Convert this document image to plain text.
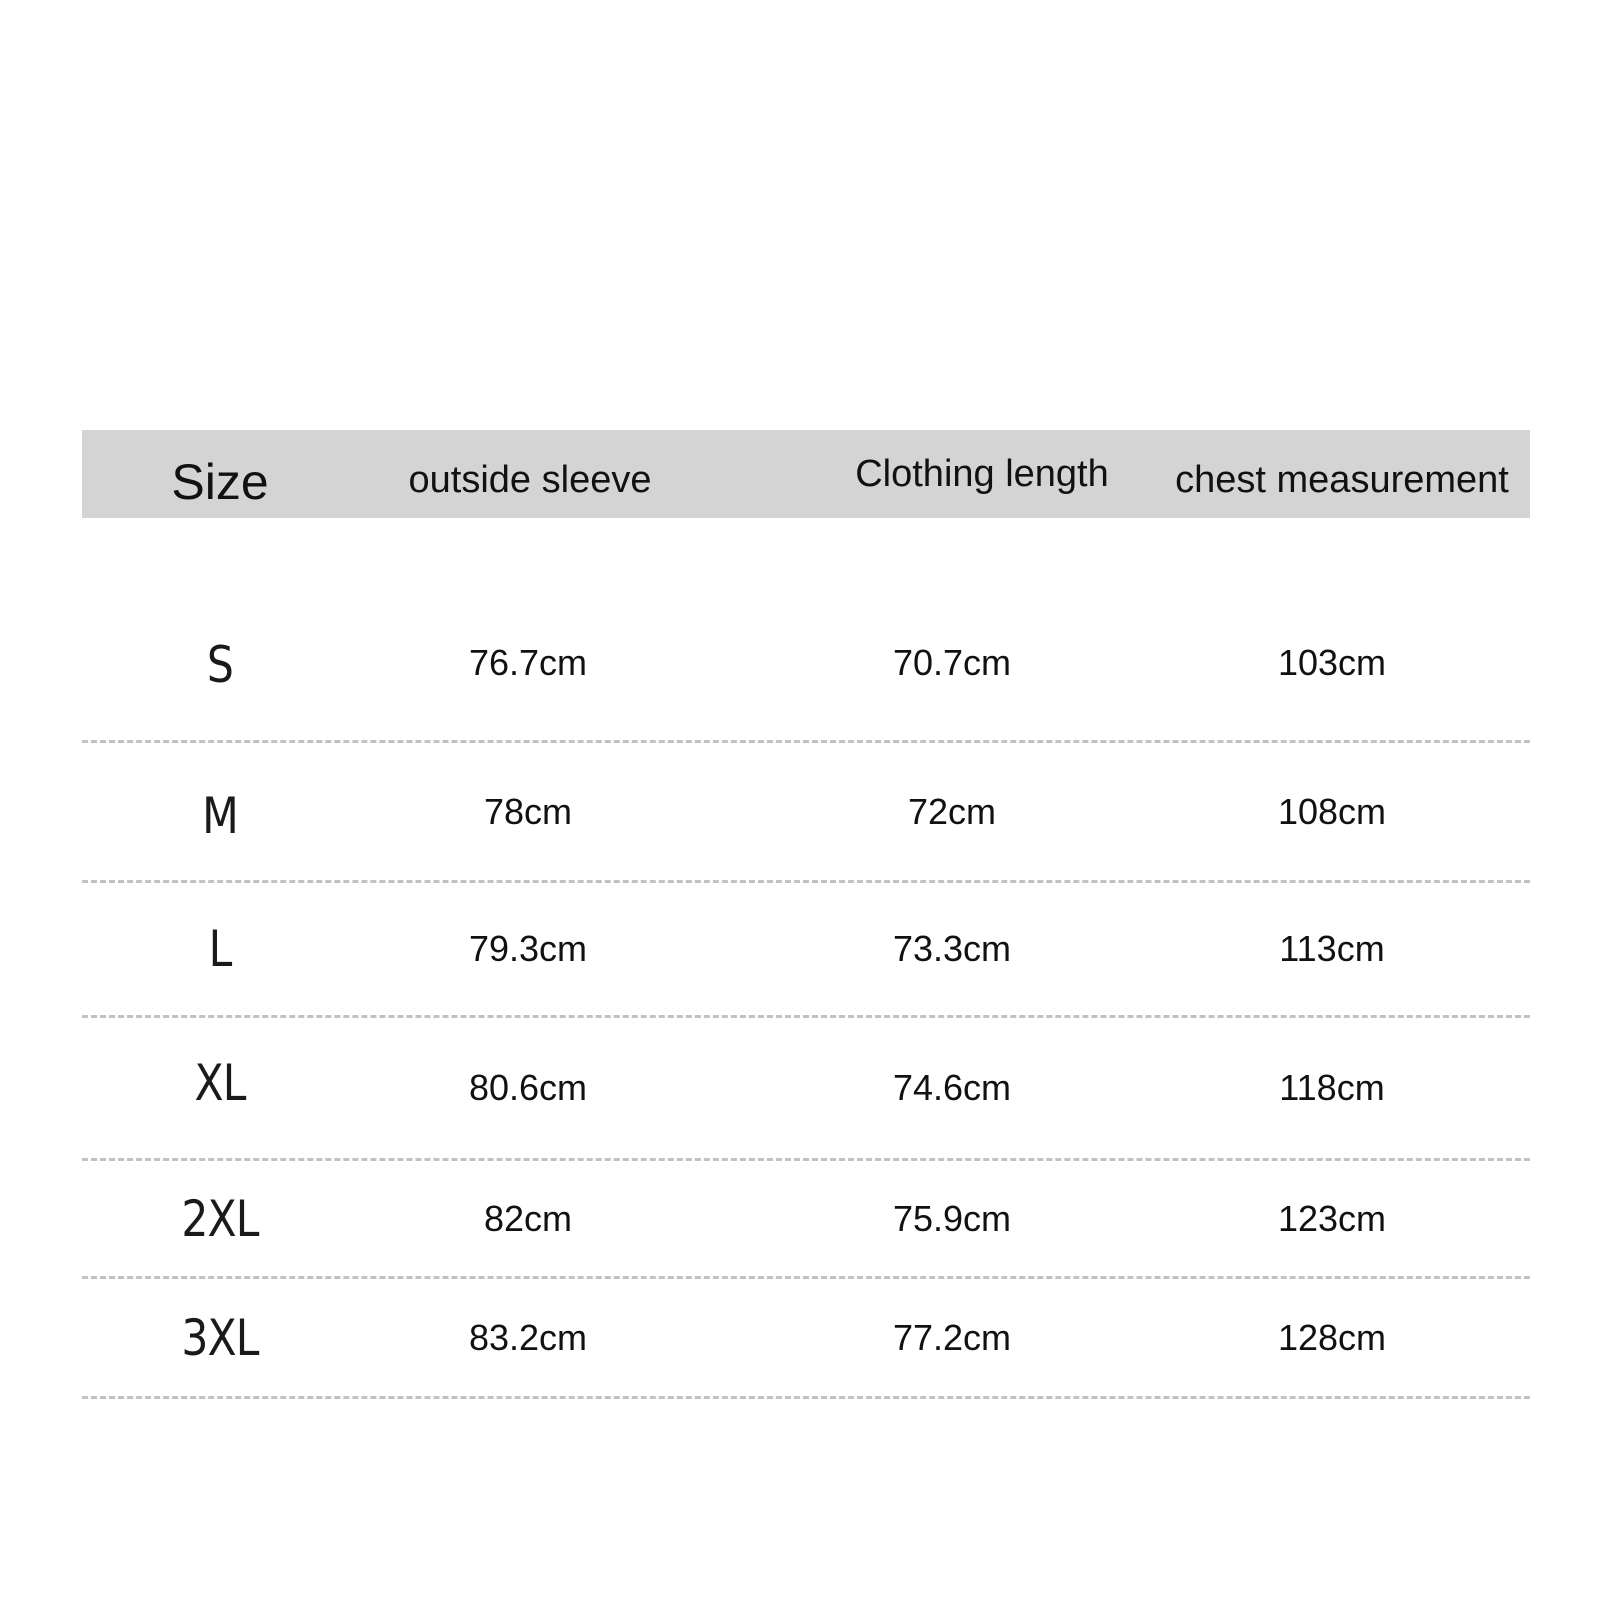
Size	outside sleeve	Clothing length	chest measurement
S	76.7cm	70.7cm	103cm
M	78cm	72cm	108cm
L	79.3cm	73.3cm	113cm
XL	80.6cm	74.6cm	118cm
2XL	82cm	75.9cm	123cm
3XL	83.2cm	77.2cm	128cm
